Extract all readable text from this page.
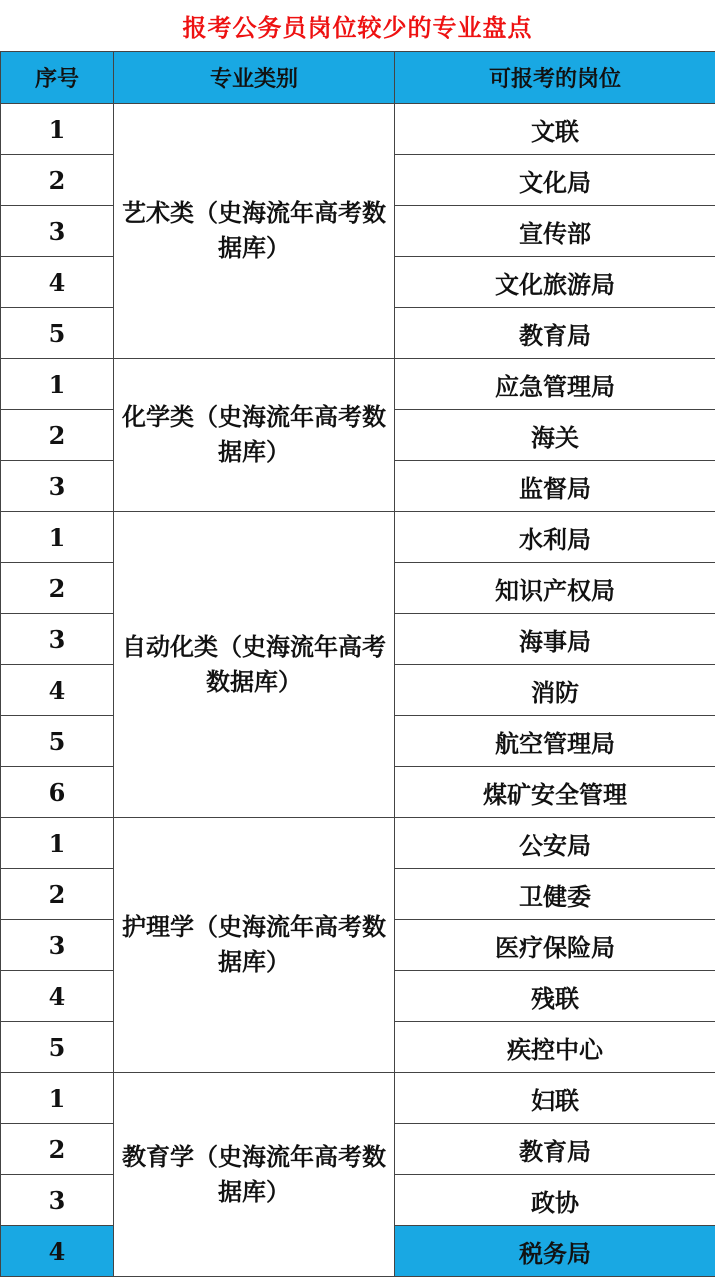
报考公务员岗位较少的专业盘点
序号	专业类别	可报考的岗位
1	艺术类（史海流年高考数据库）	文联
2		文化局
3		宣传部
4		文化旅游局
5		教育局
1	化学类（史海流年高考数据库）	应急管理局
2		海关
3		监督局
1	自动化类（史海流年高考数据库）	水利局
2		知识产权局
3		海事局
4		消防
5		航空管理局
6		煤矿安全管理
1	护理学（史海流年高考数据库）	公安局
2		卫健委
3		医疗保险局
4		残联
5		疾控中心
1	教育学（史海流年高考数据库）	妇联
2		教育局
3		政协
4		税务局
